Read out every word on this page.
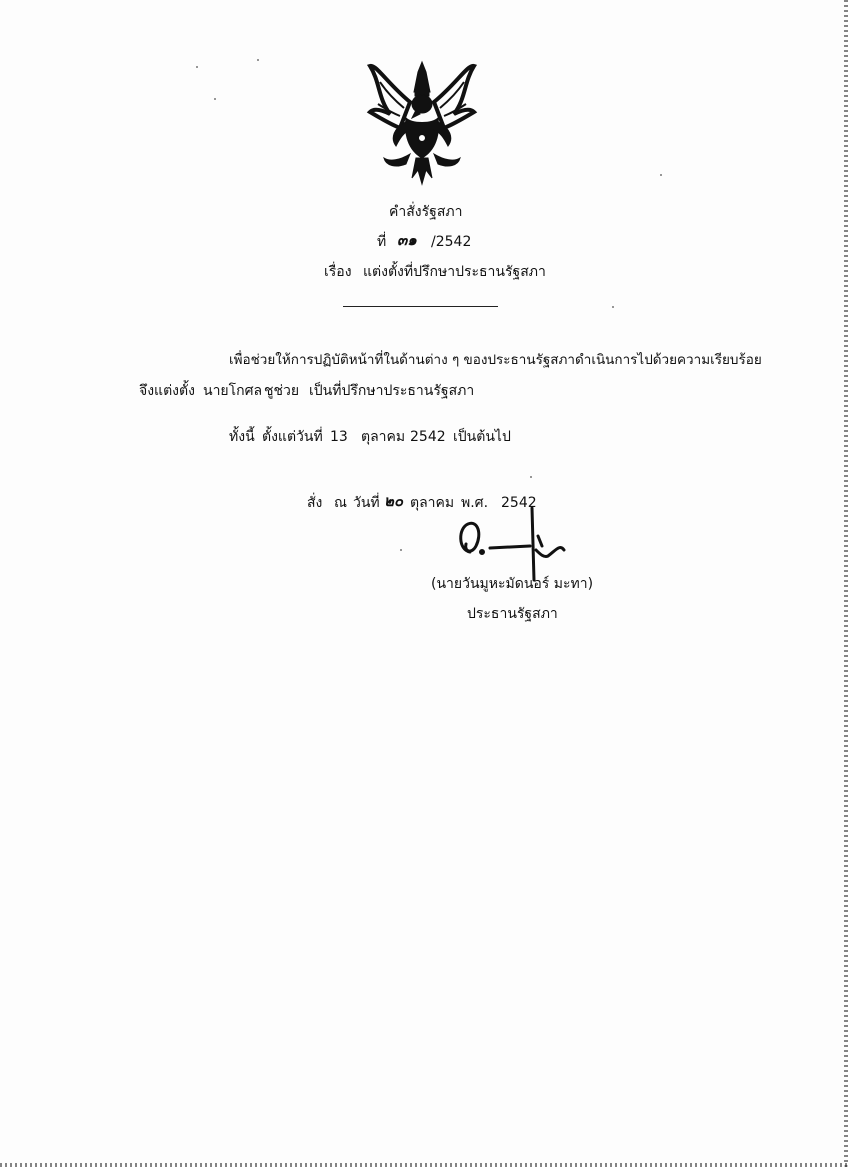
คำสั่งรัฐสภา
ที่ ๓๑ /2542
เรื่อง แต่งตั้งที่ปรึกษาประธานรัฐสภา
เพื่อช่วยให้การปฏิบัติหน้าที่ในด้านต่าง ๆ ของประธานรัฐสภาดำเนินการไปด้วยความเรียบร้อย
จึงแต่งตั้ง นายโกศล ชูช่วย เป็นที่ปรึกษาประธานรัฐสภา
ทั้งนี้ ตั้งแต่วันที่ 13 ตุลาคม 2542 เป็นต้นไป
สั่ง ณ วันที่ ๒๐ ตุลาคม พ.ศ. 2542
(นายวันมูหะมัดนอร์ มะทา)
ประธานรัฐสภา
